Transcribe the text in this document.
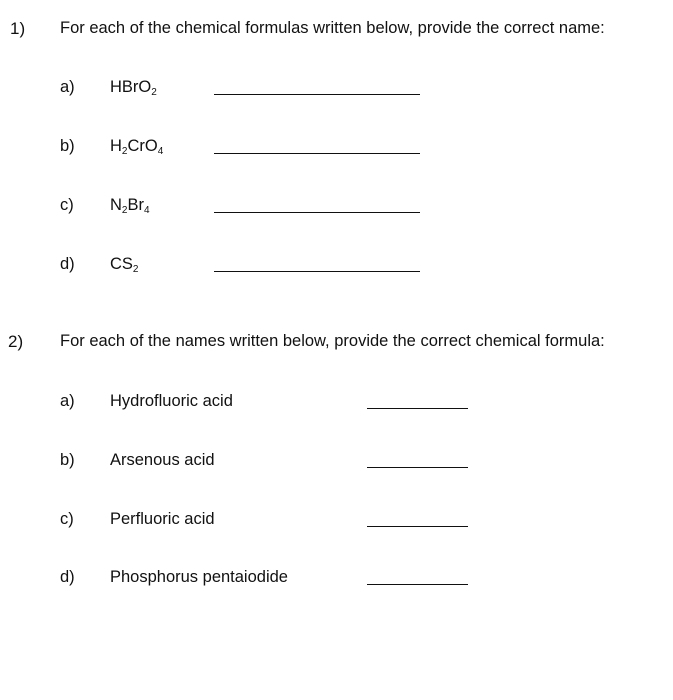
1) For each of the chemical formulas written below, provide the correct name:
a) HBrO$_2$
b) $H_2CrO_4$
c) $N_2Br_4$
d) $CS_2$
2) For each of the names written below, provide the correct chemical formula:
a) Hydrofluoric acid
b) Arsenous acid
c) Perfluoric acid
d) Phosphorus pentaiodide
